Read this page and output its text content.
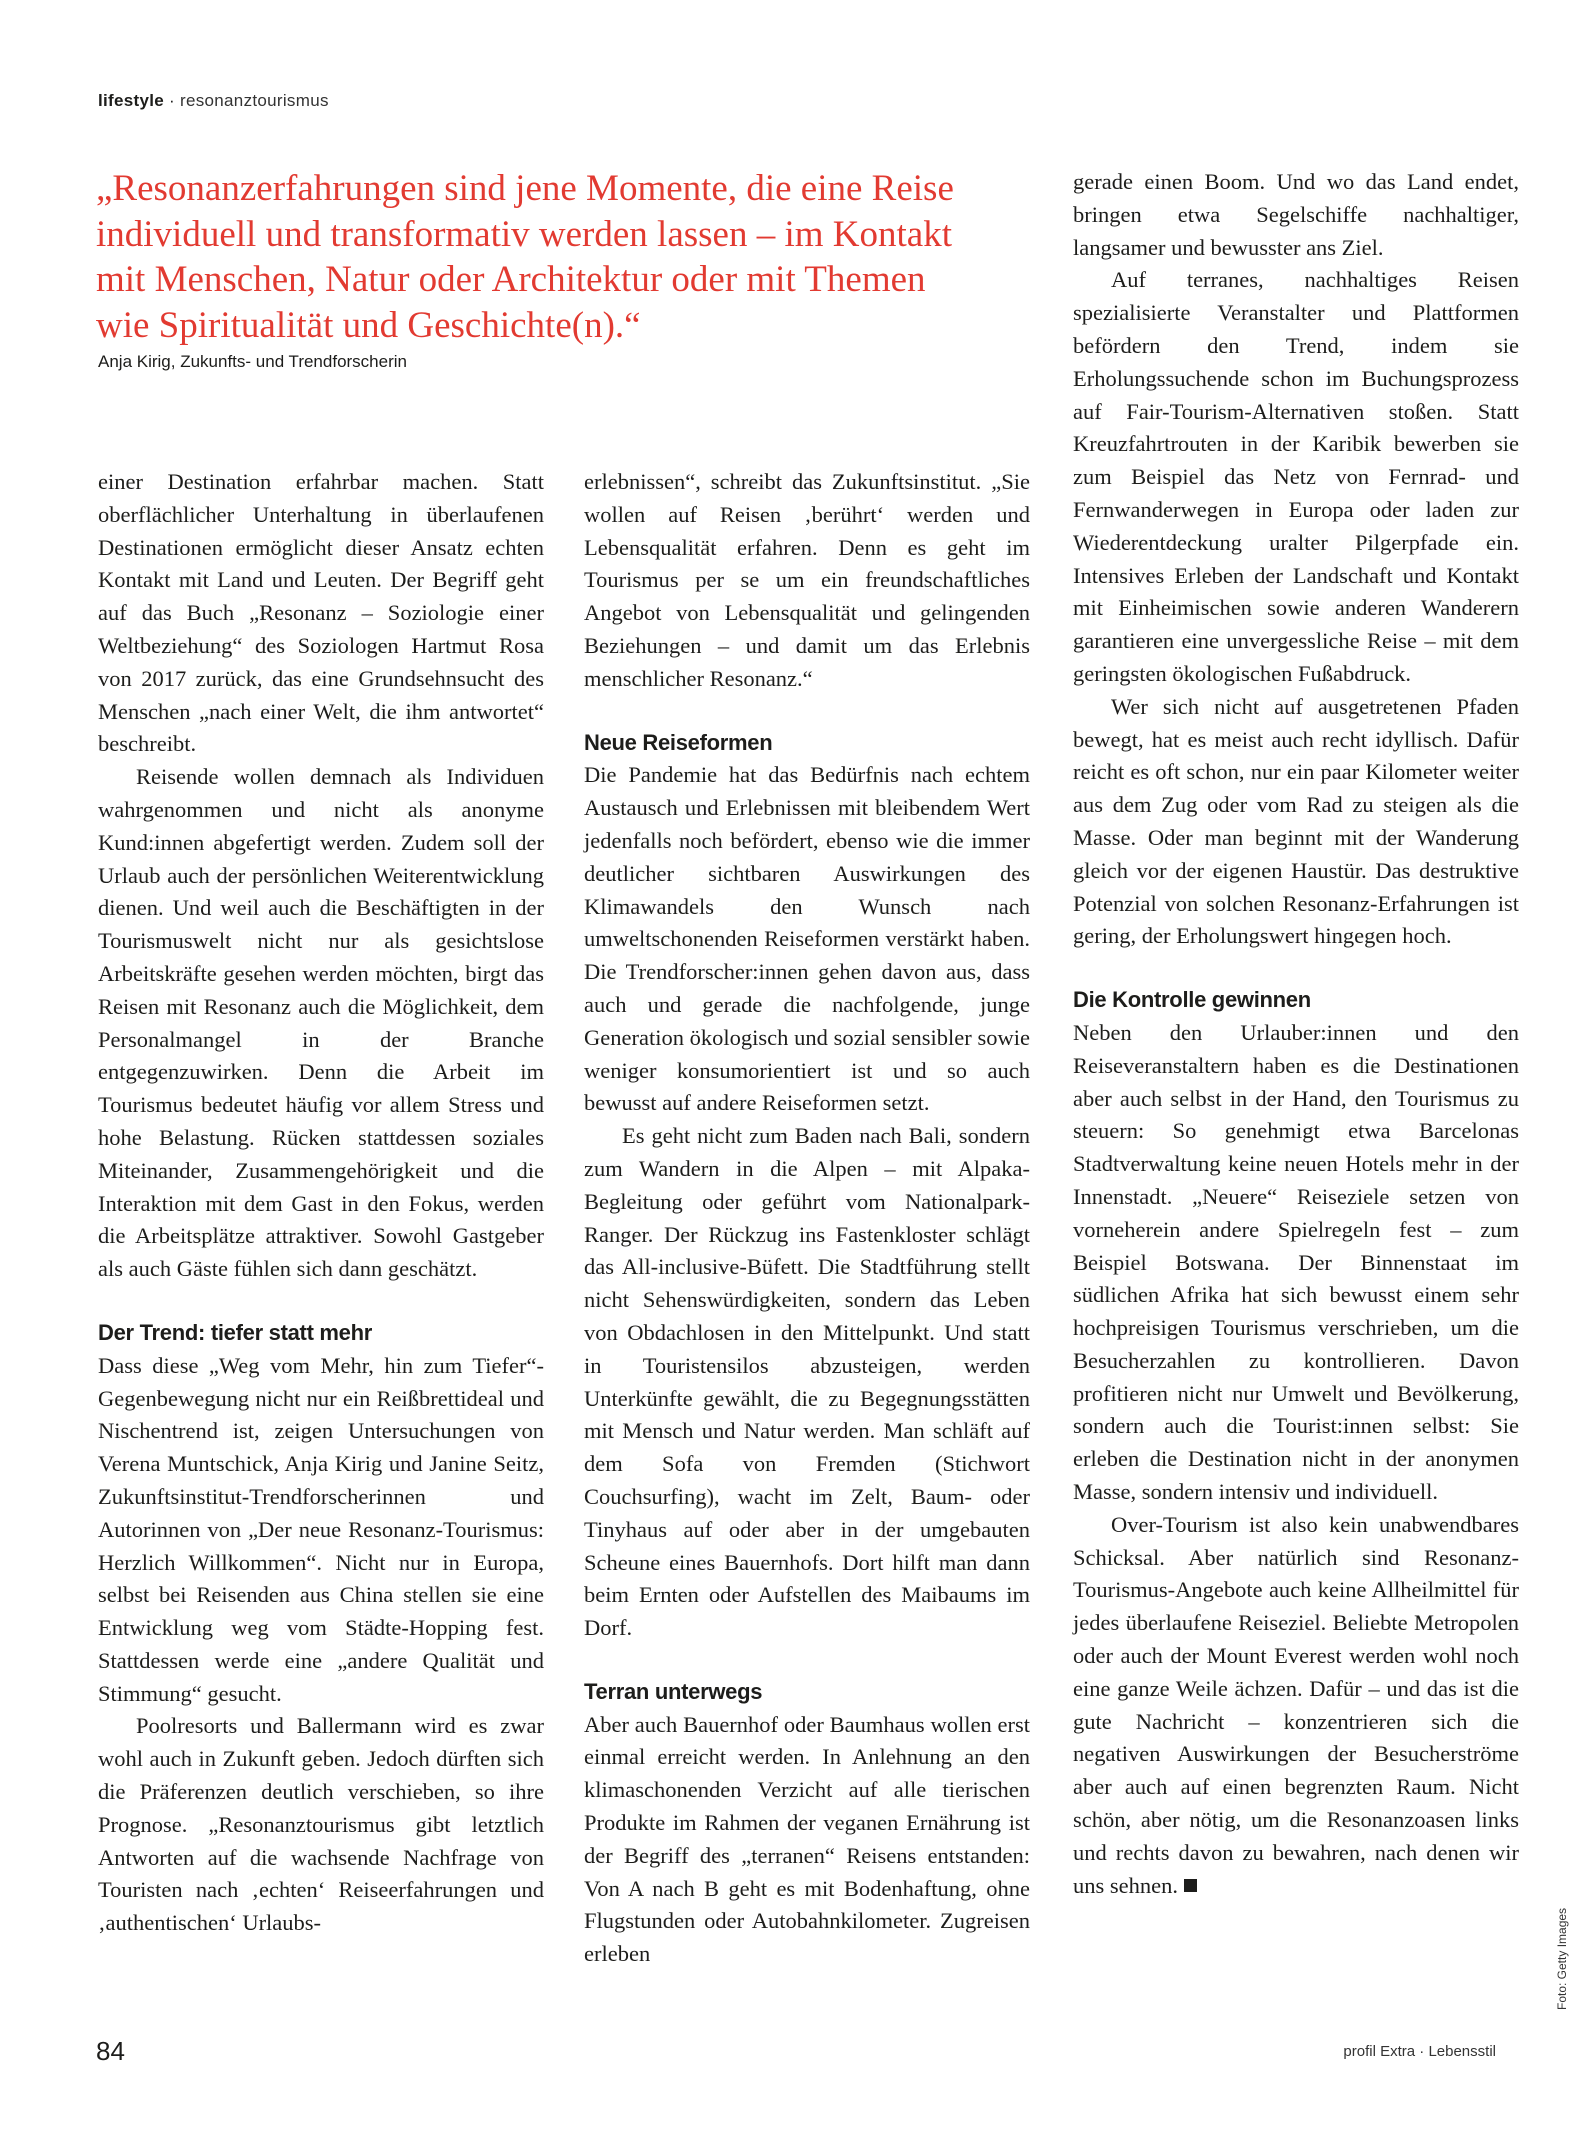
lifestyle · resonanztourismus
„Resonanzerfahrungen sind jene Momente, die eine Reise
individuell und transformativ werden lassen – im Kontakt
mit Menschen, Natur oder Architektur oder mit Themen
wie Spiritualität und Geschichte(n).“
Anja Kirig, Zukunfts- und Trendforscherin

einer Destination erfahrbar machen. Statt oberflächlicher Unterhaltung in überlaufenen Destinationen ermöglicht dieser Ansatz echten Kontakt mit Land und Leuten. Der Begriff geht auf das Buch „Resonanz – Soziologie einer Weltbeziehung“ des Soziologen Hartmut Rosa von 2017 zurück, das eine Grundsehnsucht des Menschen „nach einer Welt, die ihm antwortet“ beschreibt.

Reisende wollen demnach als Individuen wahrgenommen und nicht als anonyme Kund:innen abgefertigt werden. Zudem soll der Urlaub auch der persönlichen Weiterentwicklung dienen. Und weil auch die Beschäftigten in der Tourismuswelt nicht nur als gesichtslose Arbeitskräfte gesehen werden möchten, birgt das Reisen mit Resonanz auch die Möglichkeit, dem Personalmangel in der Branche entgegenzuwirken. Denn die Arbeit im Tourismus bedeutet häufig vor allem Stress und hohe Belastung. Rücken stattdessen soziales Miteinander, Zusammengehörigkeit und die Interaktion mit dem Gast in den Fokus, werden die Arbeitsplätze attraktiver. Sowohl Gastgeber als auch Gäste fühlen sich dann geschätzt.

Der Trend: tiefer statt mehr

Dass diese „Weg vom Mehr, hin zum Tiefer“-Gegenbewegung nicht nur ein Reißbrettideal und Nischentrend ist, zeigen Untersuchungen von Verena Muntschick, Anja Kirig und Janine Seitz, Zukunftsinstitut-Trendforscherinnen und Autorinnen von „Der neue Resonanz-Tourismus: Herzlich Willkommen“. Nicht nur in Europa, selbst bei Reisenden aus China stellen sie eine Entwicklung weg vom Städte-Hopping fest. Stattdessen werde eine „andere Qualität und Stimmung“ gesucht.

Poolresorts und Ballermann wird es zwar wohl auch in Zukunft geben. Jedoch dürften sich die Präferenzen deutlich verschieben, so ihre Prognose. „Resonanztourismus gibt letztlich Antworten auf die wachsende Nachfrage von Touristen nach ‚echten‘ Reiseerfahrungen und ‚authentischen‘ Urlaubs-

erlebnissen“, schreibt das Zukunftsinstitut. „Sie wollen auf Reisen ‚berührt‘ werden und Lebensqualität erfahren. Denn es geht im Tourismus per se um ein freundschaftliches Angebot von Lebensqualität und gelingenden Beziehungen – und damit um das Erlebnis menschlicher Resonanz.“

Neue Reiseformen

Die Pandemie hat das Bedürfnis nach echtem Austausch und Erlebnissen mit bleibendem Wert jedenfalls noch befördert, ebenso wie die immer deutlicher sichtbaren Auswirkungen des Klimawandels den Wunsch nach umweltschonenden Reiseformen verstärkt haben. Die Trendforscher:innen gehen davon aus, dass auch und gerade die nachfolgende, junge Generation ökologisch und sozial sensibler sowie weniger konsumorientiert ist und so auch bewusst auf andere Reiseformen setzt.

Es geht nicht zum Baden nach Bali, sondern zum Wandern in die Alpen – mit Alpaka-Begleitung oder geführt vom Nationalpark-Ranger. Der Rückzug ins Fastenkloster schlägt das All-inclusive-Büfett. Die Stadtführung stellt nicht Sehenswürdigkeiten, sondern das Leben von Obdachlosen in den Mittelpunkt. Und statt in Touristensilos abzusteigen, werden Unterkünfte gewählt, die zu Begegnungsstätten mit Mensch und Natur werden. Man schläft auf dem Sofa von Fremden (Stichwort Couchsurfing), wacht im Zelt, Baum- oder Tinyhaus auf oder aber in der umgebauten Scheune eines Bauernhofs. Dort hilft man dann beim Ernten oder Aufstellen des Maibaums im Dorf.

Terran unterwegs

Aber auch Bauernhof oder Baumhaus wollen erst einmal erreicht werden. In Anlehnung an den klimaschonenden Verzicht auf alle tierischen Produkte im Rahmen der veganen Ernährung ist der Begriff des „terranen“ Reisens entstanden: Von A nach B geht es mit Bodenhaftung, ohne Flugstunden oder Autobahnkilometer. Zugreisen erleben

gerade einen Boom. Und wo das Land endet, bringen etwa Segelschiffe nachhaltiger, langsamer und bewusster ans Ziel.

Auf terranes, nachhaltiges Reisen spezialisierte Veranstalter und Plattformen befördern den Trend, indem sie Erholungssuchende schon im Buchungsprozess auf Fair-Tourism-Alternativen stoßen. Statt Kreuzfahrtrouten in der Karibik bewerben sie zum Beispiel das Netz von Fernrad- und Fernwanderwegen in Europa oder laden zur Wiederentdeckung uralter Pilgerpfade ein. Intensives Erleben der Landschaft und Kontakt mit Einheimischen sowie anderen Wanderern garantieren eine unvergessliche Reise – mit dem geringsten ökologischen Fußabdruck.

Wer sich nicht auf ausgetretenen Pfaden bewegt, hat es meist auch recht idyllisch. Dafür reicht es oft schon, nur ein paar Kilometer weiter aus dem Zug oder vom Rad zu steigen als die Masse. Oder man beginnt mit der Wanderung gleich vor der eigenen Haustür. Das destruktive Potenzial von solchen Resonanz-Erfahrungen ist gering, der Erholungswert hingegen hoch.

Die Kontrolle gewinnen

Neben den Urlauber:innen und den Reiseveranstaltern haben es die Destinationen aber auch selbst in der Hand, den Tourismus zu steuern: So genehmigt etwa Barcelonas Stadtverwaltung keine neuen Hotels mehr in der Innenstadt. „Neuere“ Reiseziele setzen von vorneherein andere Spielregeln fest – zum Beispiel Botswana. Der Binnenstaat im südlichen Afrika hat sich bewusst einem sehr hochpreisigen Tourismus verschrieben, um die Besucherzahlen zu kontrollieren. Davon profitieren nicht nur Umwelt und Bevölkerung, sondern auch die Tourist:innen selbst: Sie erleben die Destination nicht in der anonymen Masse, sondern intensiv und individuell.

Over-Tourism ist also kein unabwendbares Schicksal. Aber natürlich sind Resonanz-Tourismus-Angebote auch keine Allheilmittel für jedes überlaufene Reiseziel. Beliebte Metropolen oder auch der Mount Everest werden wohl noch eine ganze Weile ächzen. Dafür – und das ist die gute Nachricht – konzentrieren sich die negativen Auswirkungen der Besucherströme aber auch auf einen begrenzten Raum. Nicht schön, aber nötig, um die Resonanzoasen links und rechts davon zu bewahren, nach denen wir uns sehnen.

84	profil Extra · Lebensstil
Foto: Getty Images
